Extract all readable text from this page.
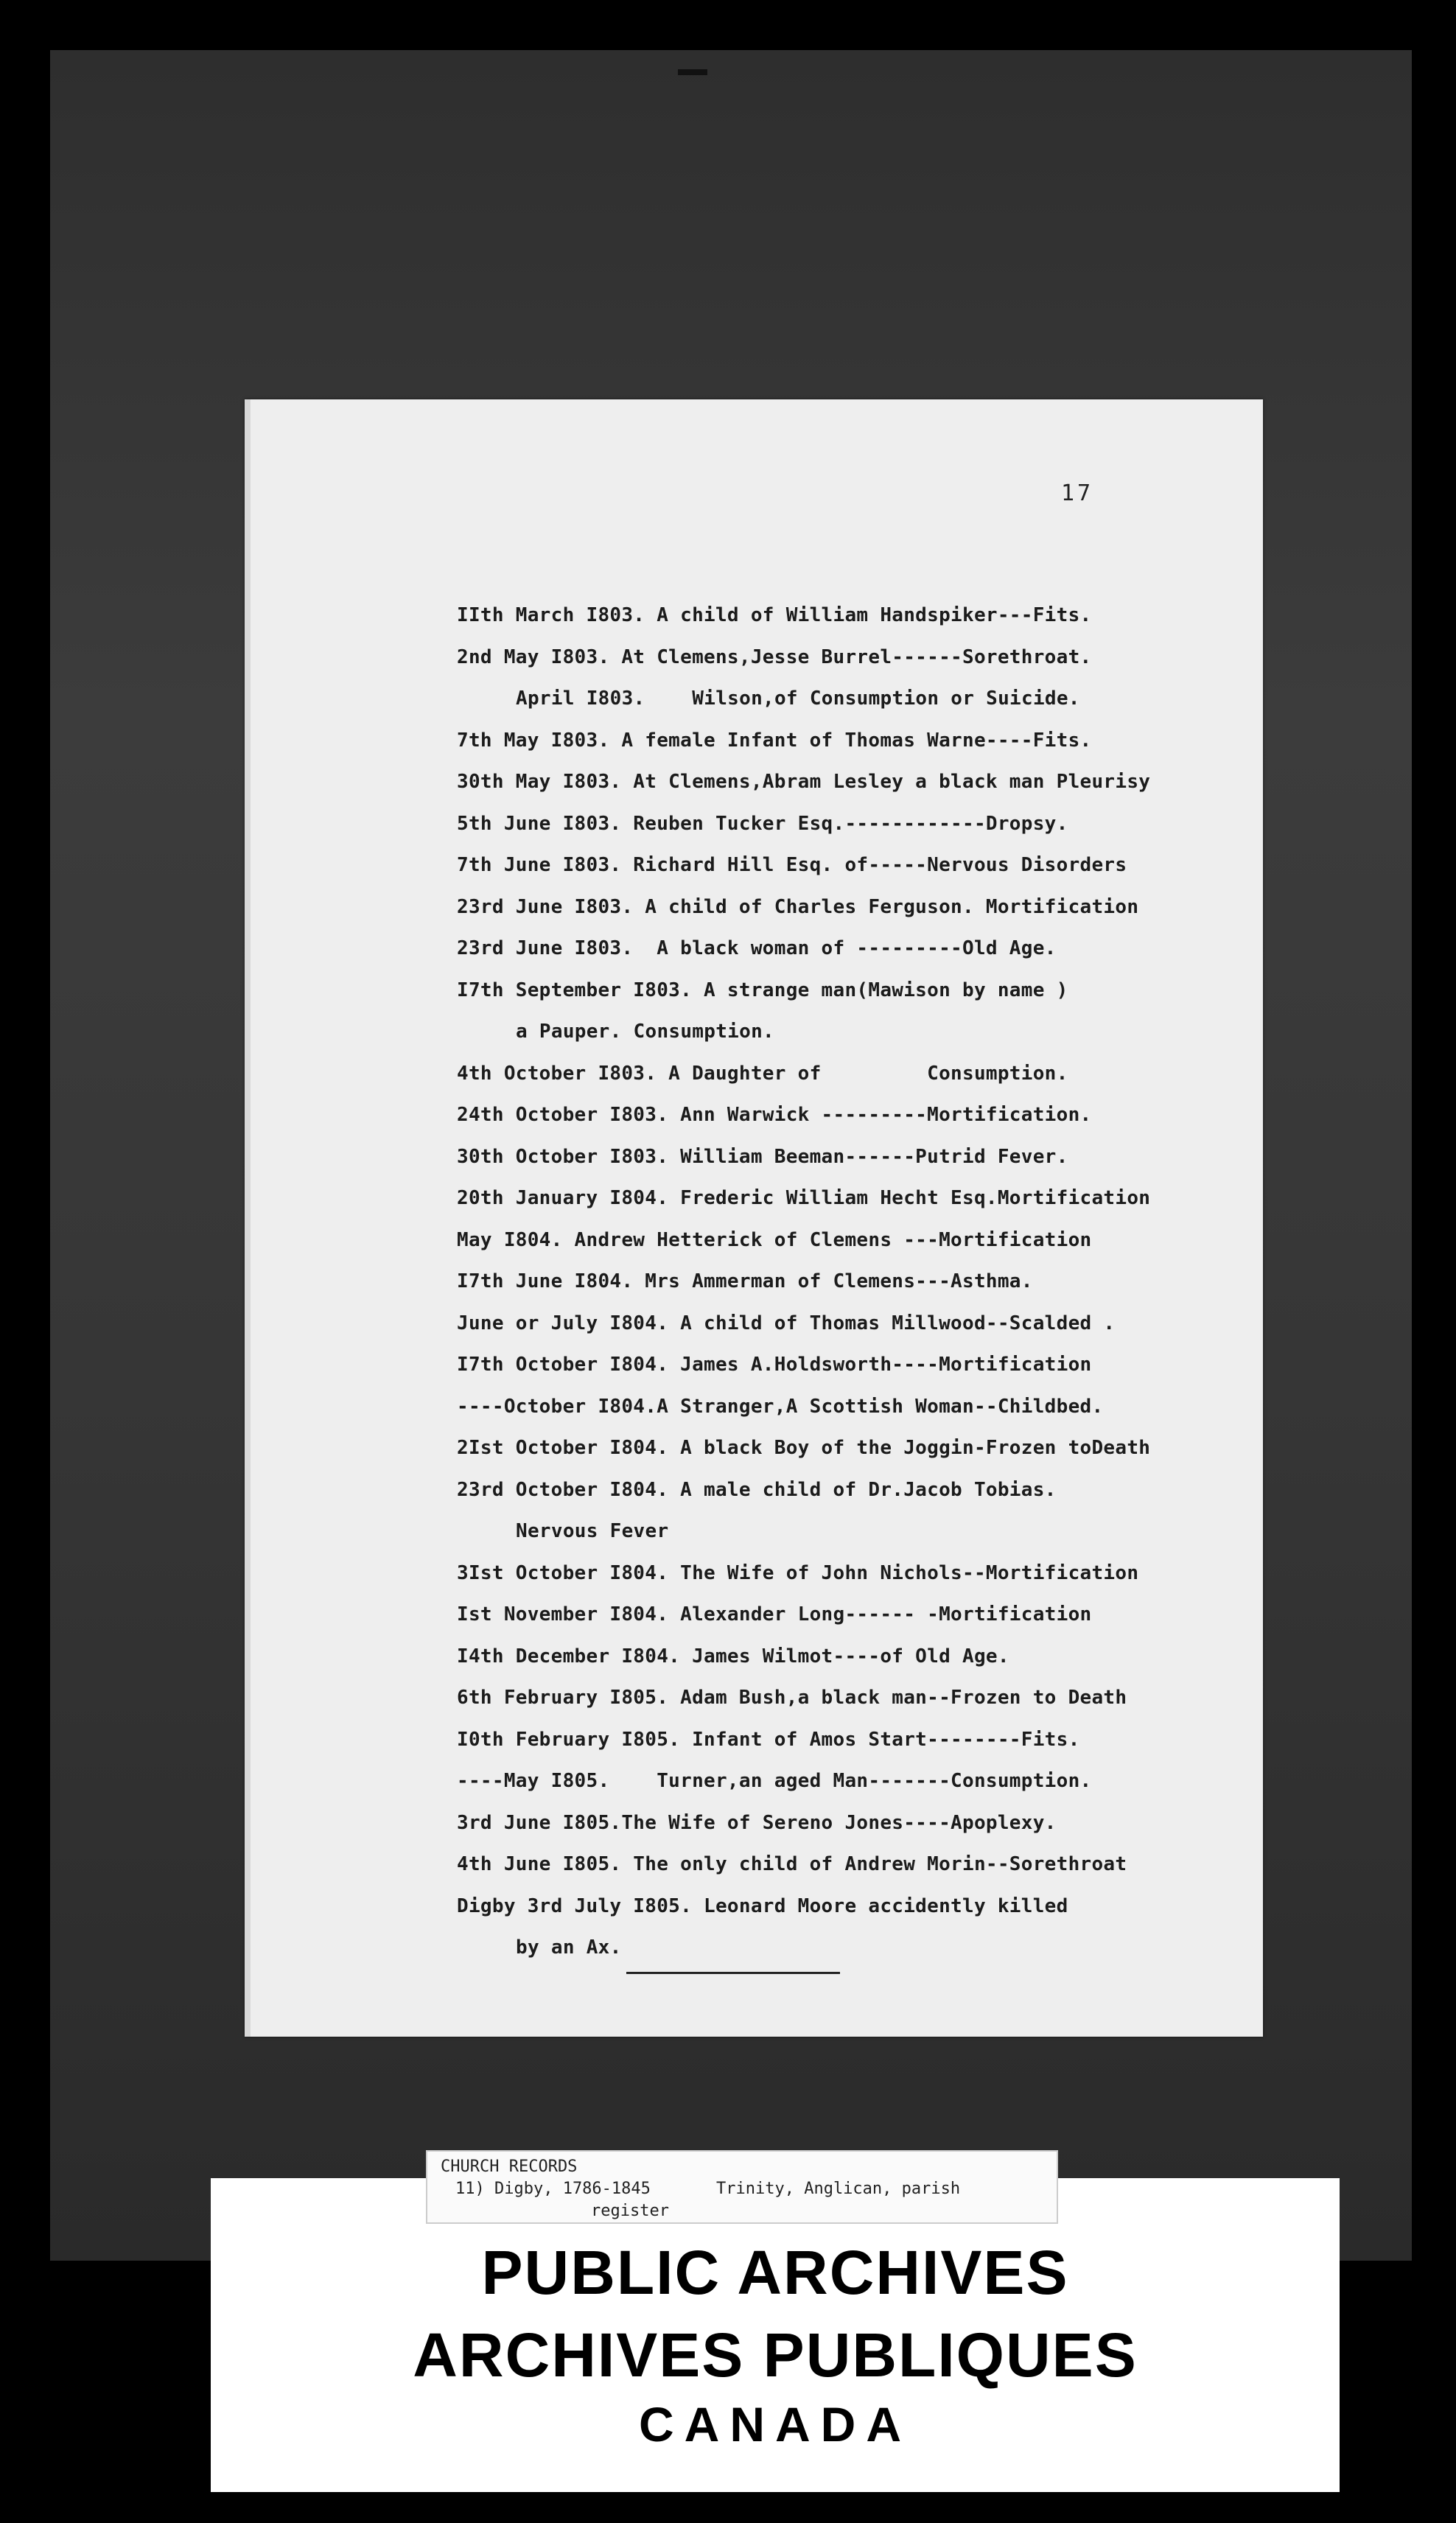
17
IIth March I803. A child of William Handspiker---Fits.
2nd May I803. At Clemens,Jesse Burrel------Sorethroat.
April I803.    Wilson,of Consumption or Suicide.
7th May I803. A female Infant of Thomas Warne----Fits.
30th May I803. At Clemens,Abram Lesley a black man Pleurisy
5th June I803. Reuben Tucker Esq.------------Dropsy.
7th June I803. Richard Hill Esq. of-----Nervous Disorders
23rd June I803. A child of Charles Ferguson. Mortification
23rd June I803.  A black woman of ---------Old Age.
I7th September I803. A strange man(Mawison by name )
a Pauper. Consumption.
4th October I803. A Daughter of         Consumption.
24th October I803. Ann Warwick ---------Mortification.
30th October I803. William Beeman------Putrid Fever.
20th January I804. Frederic William Hecht Esq.Mortification
May I804. Andrew Hetterick of Clemens ---Mortification
I7th June I804. Mrs Ammerman of Clemens---Asthma.
June or July I804. A child of Thomas Millwood--Scalded .
I7th October I804. James A.Holdsworth----Mortification
----October I804.A Stranger,A Scottish Woman--Childbed.
2Ist October I804. A black Boy of the Joggin-Frozen toDeath
23rd October I804. A male child of Dr.Jacob Tobias.
Nervous Fever
3Ist October I804. The Wife of John Nichols--Mortification
Ist November I804. Alexander Long------ -Mortification
I4th December I804. James Wilmot----of Old Age.
6th February I805. Adam Bush,a black man--Frozen to Death
I0th February I805. Infant of Amos Start--------Fits.
----May I805.    Turner,an aged Man-------Consumption.
3rd June I805.The Wife of Sereno Jones----Apoplexy.
4th June I805. The only child of Andrew Morin--Sorethroat
Digby 3rd July I805. Leonard Moore accidently killed
by an Ax.
PUBLIC ARCHIVES
ARCHIVES PUBLIQUES
CANADA
CHURCH RECORDS
11) Digby, 1786-1845	Trinity, Anglican, parish
register
